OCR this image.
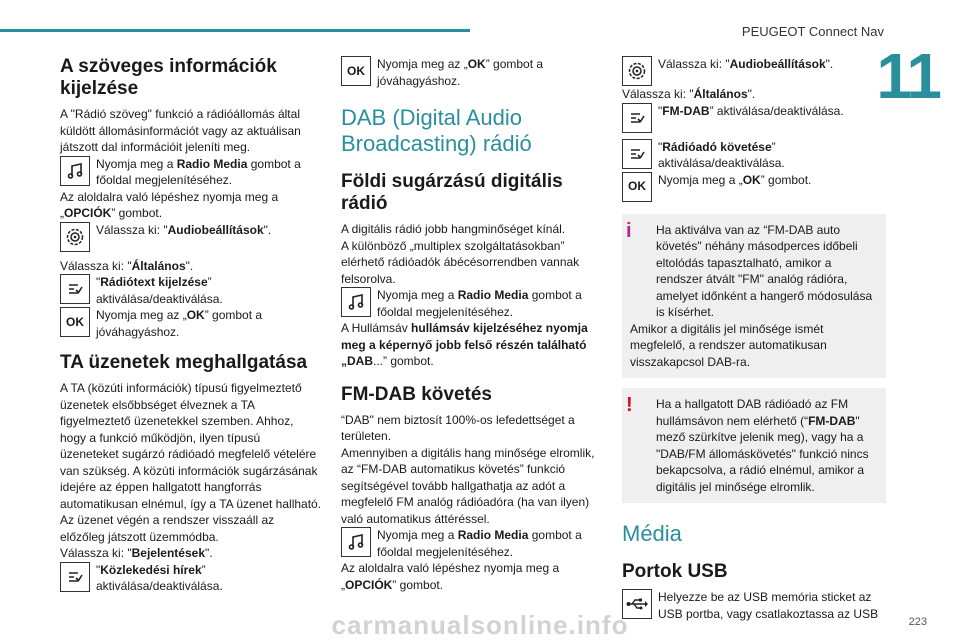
PEUGEOT Connect Nav
11
A szöveges információk kijelzése

A "Rádió szöveg" funkció a rádióállomás által küldött állomásinformációt vagy az aktuálisan játszott dal információit jeleníti meg.

Nyomja meg a Radio Media gombot a főoldal megjelenítéséhez.

Az aloldalra való lépéshez nyomja meg a „OPCIÓK” gombot.

Válassza ki: "Audiobeállítások".

Válassza ki: "Általános".

"Rádiótext kijelzése” aktiválása/deaktiválása.

OK Nyomja meg az „OK” gombot a jóváhagyáshoz.

TA üzenetek meghallgatása

A TA (közúti információk) típusú figyelmeztető üzenetek elsőbbséget élveznek a TA figyelmeztető üzenetekkel szemben. Ahhoz, hogy a funkció működjön, ilyen típusú üzeneteket sugárzó rádióadó megfelelő vételére van szükség. A közúti információk sugárzásának idejére az éppen hallgatott hangforrás automatikusan elnémul, így a TA üzenet hallható. Az üzenet végén a rendszer visszaáll az előzőleg játszott üzemmódba.

Válassza ki: "Bejelentések".

"Közlekedési hírek” aktiválása/deaktiválása.

OK Nyomja meg az „OK” gombot a jóváhagyáshoz.

DAB (Digital Audio Broadcasting) rádió
Földi sugárzású digitális rádió

A digitális rádió jobb hangminőséget kínál.

A különböző „multiplex szolgáltatásokban” elérhető rádióadók ábécésorrendben vannak felsorolva.

Nyomja meg a Radio Media gombot a főoldal megjelenítéséhez.

A Hullámsáv hullámsáv kijelzéséhez nyomja meg a képernyő jobb felső részén található „DAB...” gombot.

FM-DAB követés

“DAB" nem biztosít 100%-os lefedettséget a területen.

Amennyiben a digitális hang minősége elromlik, az “FM-DAB automatikus követés” funkció segítségével tovább hallgathatja az adót a megfelelő FM analóg rádióadóra (ha van ilyen) való automatikus áttéréssel.

Nyomja meg a Radio Media gombot a főoldal megjelenítéséhez.

Az aloldalra való lépéshez nyomja meg a „OPCIÓK” gombot.

Válassza ki: "Audiobeállítások".

Válassza ki: "Általános".

"FM-DAB” aktiválása/deaktiválása.

"Rádióadó követése” aktiválása/deaktiválása.

OK Nyomja meg a „OK” gombot.

i	Ha aktiválva van az “FM-DAB auto követés" néhány másodperces időbeli eltolódás tapasztalható, amikor a rendszer átvált "FM" analóg rádióra, amelyet időnként a hangerő módosulása is kísérhet.

Amikor a digitális jel minősége ismét megfelelő, a rendszer automatikusan visszakapcsol DAB-ra.

!	Ha a hallgatott DAB rádióadó az FM hullámsávon nem elérhető (“FM-DAB" mező szürkítve jelenik meg), vagy ha a "DAB/FM állomáskövetés" funkció nincs bekapcsolva, a rádió elnémul, amikor a digitális jel minősége elromlik.

Média
Portok USB

Helyezze be az USB memória sticket az USB portba, vagy csatlakoztassa az USB

223
carmanualsonline.info
